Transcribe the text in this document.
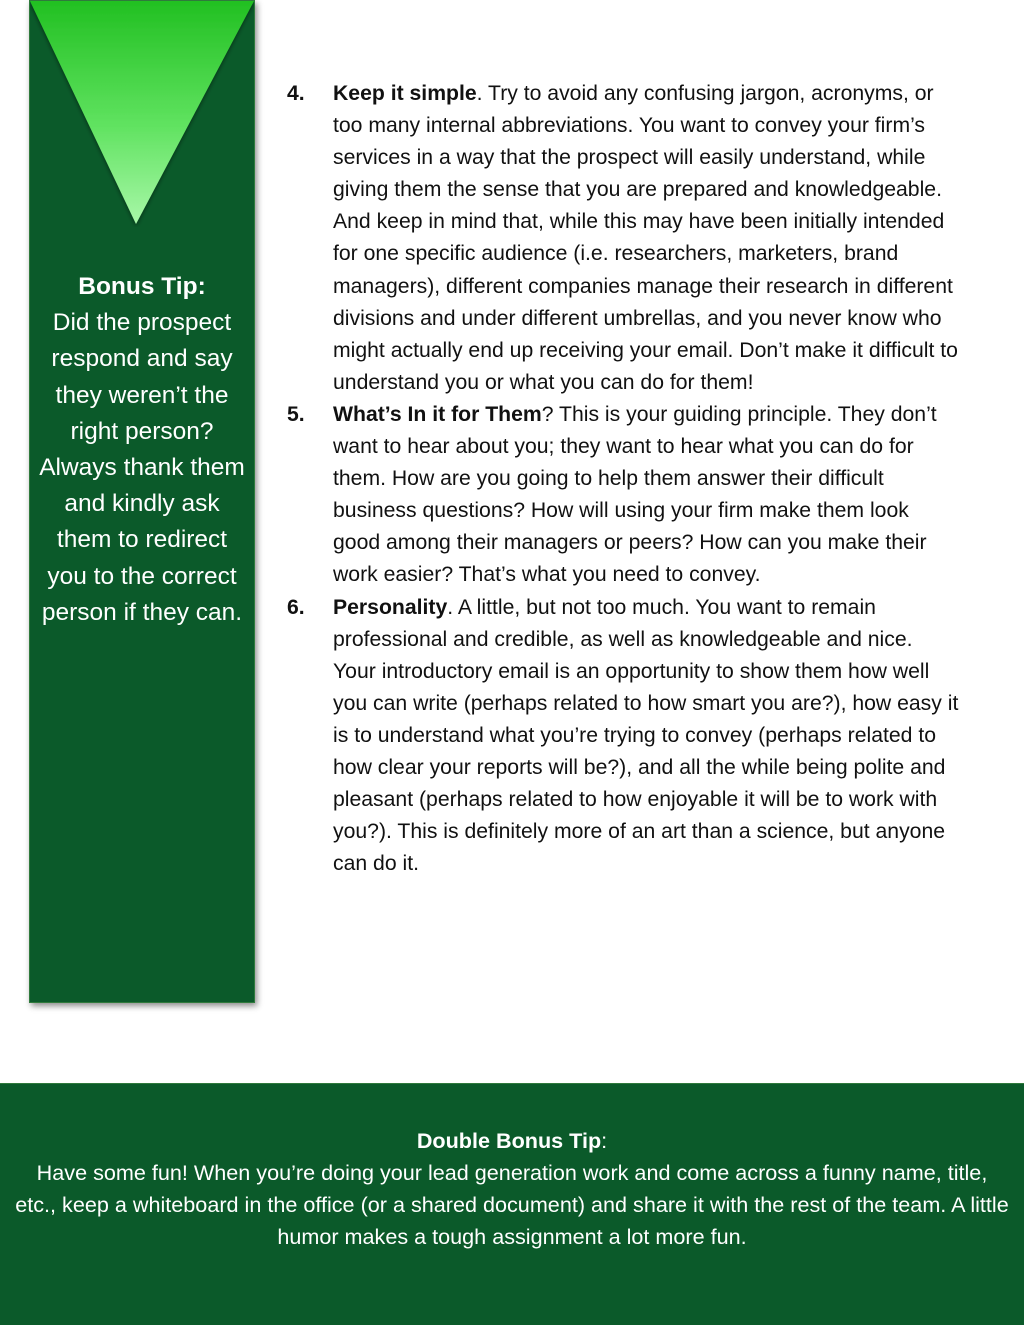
Bonus Tip:
Did the prospect respond and say they weren’t the right person? Always thank them and kindly ask them to redirect you to the correct person if they can.
4. Keep it simple. Try to avoid any confusing jargon, acronyms, or too many internal abbreviations. You want to convey your firm’s services in a way that the prospect will easily understand, while giving them the sense that you are prepared and knowledgeable. And keep in mind that, while this may have been initially intended for one specific audience (i.e. researchers, marketers, brand managers), different companies manage their research in different divisions and under different umbrellas, and you never know who might actually end up receiving your email. Don’t make it difficult to understand you or what you can do for them!
5. What’s In it for Them? This is your guiding principle. They don’t want to hear about you; they want to hear what you can do for them. How are you going to help them answer their difficult business questions? How will using your firm make them look good among their managers or peers? How can you make their work easier? That’s what you need to convey.
6. Personality. A little, but not too much. You want to remain professional and credible, as well as knowledgeable and nice. Your introductory email is an opportunity to show them how well you can write (perhaps related to how smart you are?), how easy it is to understand what you’re trying to convey (perhaps related to how clear your reports will be?), and all the while being polite and pleasant (perhaps related to how enjoyable it will be to work with you?). This is definitely more of an art than a science, but anyone can do it.
Double Bonus Tip:
Have some fun! When you’re doing your lead generation work and come across a funny name, title, etc., keep a whiteboard in the office (or a shared document) and share it with the rest of the team. A little humor makes a tough assignment a lot more fun.
